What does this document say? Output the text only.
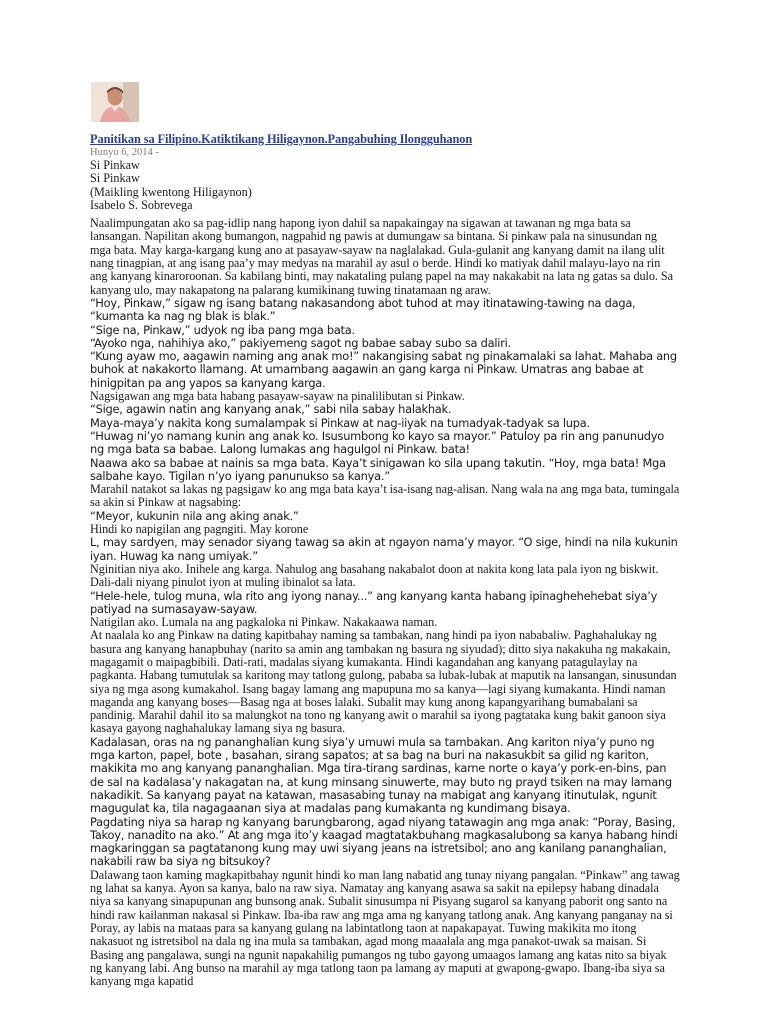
Panitikan sa Filipino.Katiktikang Hiligaynon.Pangabuhing Ilongguhanon
Hunyo 6, 2014 -
Si Pinkaw
Si Pinkaw
(Maikling kwentong Hiligaynon)
Isabelo S. Sobrevega

Naalimpungatan ako sa pag-idlip nang hapong iyon dahil sa napakaingay na sigawan at tawanan ng mga bata sa lansangan. Napilitan akong bumangon, nagpahid ng pawis at dumungaw sa bintana. Si pinkaw pala na sinusundan ng mga bata. May karga-kargang kung ano at pasayaw-sayaw na naglalakad. Gula-gulanit ang kanyang damit na ilang ulit nang tinagpian, at ang isang paa’y may medyas na marahil ay asul o berde. Hindi ko matiyak dahil malayu-layo na rin ang kanyang kinaroroonan. Sa kabilang binti, may nakataling pulang papel na may nakakabit na lata ng gatas sa dulo. Sa kanyang ulo, may nakapatong na palarang kumikinang tuwing tinatamaan ng araw.

“Hoy, Pinkaw,” sigaw ng isang batang nakasandong abot tuhod at may itinatawing-tawing na daga, “kumanta ka nag ng blak is blak.”

“Sige na, Pinkaw,” udyok ng iba pang mga bata.

“Ayoko nga, nahihiya ako,” pakiyemeng sagot ng babae sabay subo sa daliri.

“Kung ayaw mo, aagawin naming ang anak mo!” nakangising sabat ng pinakamalaki sa lahat. Mahaba ang buhok at nakakorto llamang. At umambang aagawin an gang karga ni Pinkaw. Umatras ang babae at hinigpitan pa ang yapos sa kanyang karga.

Nagsigawan ang mga bata habang pasayaw-sayaw na pinalilibutan si Pinkaw.

“Sige, agawin natin ang kanyang anak,” sabi nila sabay halakhak.

Maya-maya’y nakita kong sumalampak si Pinkaw at nag-iiyak na tumadyak-tadyak sa lupa.

“Huwag ni’yo namang kunin ang anak ko. Isusumbong ko kayo sa mayor.” Patuloy pa rin ang panunudyo ng mga bata sa babae. Lalong lumakas ang hagulgol ni Pinkaw. bata!

Naawa ako sa babae at nainis sa mga bata. Kaya’t sinigawan ko sila upang takutin. “Hoy, mga bata! Mga salbahe kayo. Tigilan n’yo iyang panunukso sa kanya.”

Marahil natakot sa lakas ng pagsigaw ko ang mga bata kaya’t isa-isang nag-alisan. Nang wala na ang mga bata, tumingala sa akin si Pinkaw at nagsabing:

“Meyor, kukunin nila ang aking anak.”

Hindi ko napigilan ang pagngiti. May korone

L, may sardyen, may senador siyang tawag sa akin at ngayon nama’y mayor. “O sige, hindi na nila kukunin iyan. Huwag ka nang umiyak.”

Nginitian niya ako. Inihele ang karga. Nahulog ang basahang nakabalot doon at nakita kong lata pala iyon ng biskwit. Dali-dali niyang pinulot iyon at muling ibinalot sa lata.

“Hele-hele, tulog muna, wla rito ang iyong nanay...” ang kanyang kanta habang ipinaghehehebat siya’y patiyad na sumasayaw-sayaw.

Natigilan ako. Lumala na ang pagkaloka ni Pinkaw. Nakakaawa naman.

At naalala ko ang Pinkaw na dating kapitbahay naming sa tambakan, nang hindi pa iyon nababaliw. Paghahalukay ng basura ang kanyang hanapbuhay (narito sa amin ang tambakan ng basura ng siyudad); ditto siya nakakuha ng makakain, magagamit o maipagbibili. Dati-rati, madalas siyang kumakanta. Hindi kagandahan ang kanyang patagulaylay na pagkanta. Habang tumutulak sa karitong may tatlong gulong, pababa sa lubak-lubak at maputik na lansangan, sinusundan siya ng mga asong kumakahol. Isang bagay lamang ang mapupuna mo sa kanya—lagi siyang kumakanta. Hindi naman maganda ang kanyang boses—Basag nga at boses lalaki. Subalit may kung anong kapangyarihang bumabalani sa pandinig. Marahil dahil ito sa malungkot na tono ng kanyang awit o marahil sa iyong pagtataka kung bakit ganoon siya kasaya gayong naghahalukay lamang siya ng basura.

Kadalasan, oras na ng pananghalian kung siya’y umuwi mula sa tambakan. Ang kariton niya’y puno ng mga karton, papel, bote , basahan, sirang sapatos; at sa bag na buri na nakasukbit sa gilid ng kariton, makikita mo ang kanyang pananghalian. Mga tira-tirang sardinas, karne norte o kaya’y pork-en-bins, pan de sal na kadalasa’y nakagatan na, at kung minsang sinuwerte, may buto ng prayd tsiken na may lamang nakadikit. Sa kanyang payat na katawan, masasabing tunay na mabigat ang kanyang itinutulak, ngunit magugulat ka, tila nagagaanan siya at madalas pang kumakanta ng kundimang bisaya.

Pagdating niya sa harap ng kanyang barungbarong, agad niyang tatawagin ang mga anak: “Poray, Basing, Takoy, nanadito na ako.” At ang mga ito’y kaagad magtatakbuhang magkasalubong sa kanya habang hindi magkaringgan sa pagtatanong kung may uwi siyang jeans na istretsibol; ano ang kanilang pananghalian, nakabili raw ba siya ng bitsukoy?

Dalawang taon kaming magkapitbahay ngunit hindi ko man lang nabatid ang tunay niyang pangalan. “Pinkaw” ang tawag ng lahat sa kanya. Ayon sa kanya, balo na raw siya. Namatay ang kanyang asawa sa sakit na epilepsy habang dinadala niya sa kanyang sinapupunan ang bunsong anak. Subalit sinusumpa ni Pisyang sugarol sa kanyang paborit ong santo na hindi raw kailanman nakasal si Pinkaw. Iba-iba raw ang mga ama ng kanyang tatlong anak. Ang kanyang panganay na si Poray, ay labis na mataas para sa kanyang gulang na labintatlong taon at napakapayat. Tuwing makikita mo itong nakasuot ng istretsibol na dala ng ina mula sa tambakan, agad mong maaalala ang mga panakot-uwak sa maisan. Si Basing ang pangalawa, sungi na ngunit napakahilig pumangos ng tubo gayong umaagos lamang ang katas nito sa biyak ng kanyang labi. Ang bunso na marahil ay mga tatlong taon pa lamang ay maputi at gwapong-gwapo. Ibang-iba siya sa kanyang mga kapatid
